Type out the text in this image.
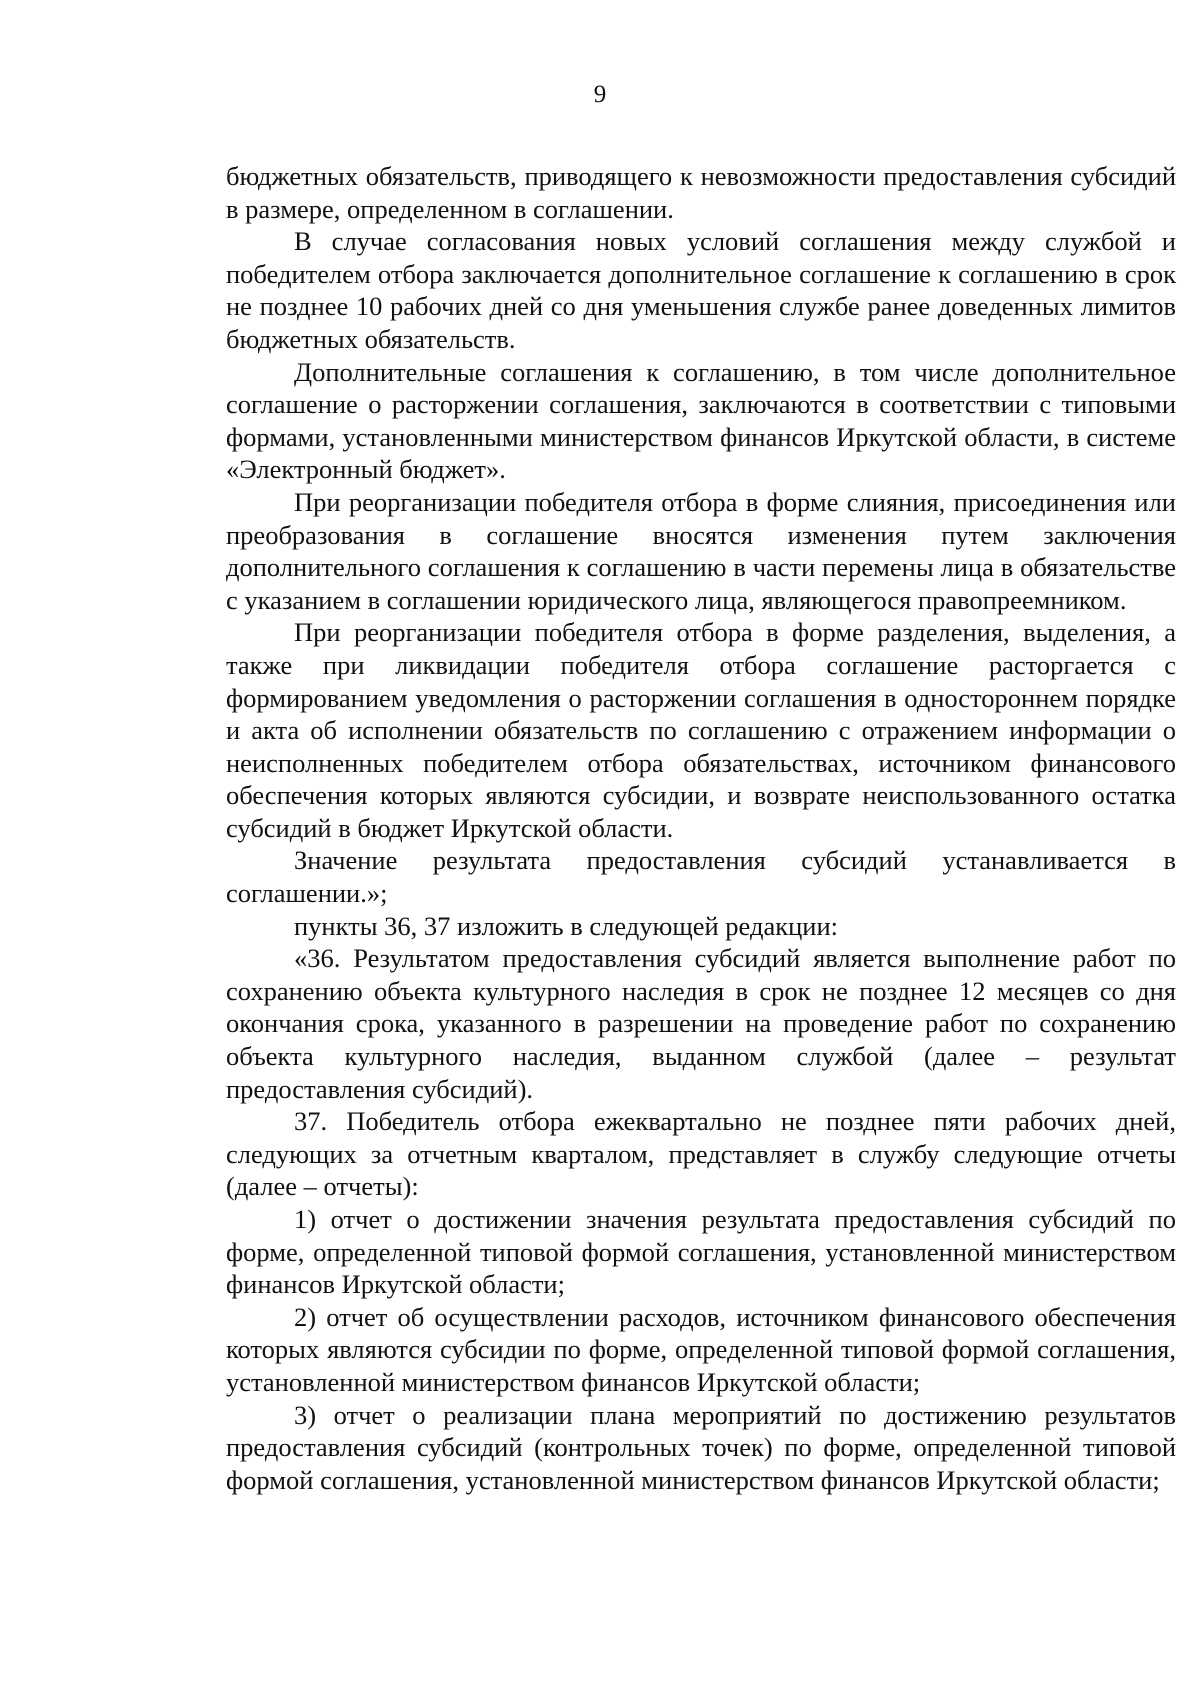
9

бюджетных обязательств, приводящего к невозможности предоставления субсидий в размере, определенном в соглашении.

В случае согласования новых условий соглашения между службой и победителем отбора заключается дополнительное соглашение к соглашению в срок не позднее 10 рабочих дней со дня уменьшения службе ранее доведенных лимитов бюджетных обязательств.

Дополнительные соглашения к соглашению, в том числе дополнительное соглашение о расторжении соглашения, заключаются в соответствии с типовыми формами, установленными министерством финансов Иркутской области, в системе «Электронный бюджет».

При реорганизации победителя отбора в форме слияния, присоединения или преобразования в соглашение вносятся изменения путем заключения дополнительного соглашения к соглашению в части перемены лица в обязательстве с указанием в соглашении юридического лица, являющегося правопреемником.

При реорганизации победителя отбора в форме разделения, выделения, а также при ликвидации победителя отбора соглашение расторгается с формированием уведомления о расторжении соглашения в одностороннем порядке и акта об исполнении обязательств по соглашению с отражением информации о неисполненных победителем отбора обязательствах, источником финансового обеспечения которых являются субсидии, и возврате неиспользованного остатка субсидий в бюджет Иркутской области.

Значение результата предоставления субсидий устанавливается в соглашении.»;

пункты 36, 37 изложить в следующей редакции:

«36. Результатом предоставления субсидий является выполнение работ по сохранению объекта культурного наследия в срок не позднее 12 месяцев со дня окончания срока, указанного в разрешении на проведение работ по сохранению объекта культурного наследия, выданном службой (далее – результат предоставления субсидий).

37. Победитель отбора ежеквартально не позднее пяти рабочих дней, следующих за отчетным кварталом, представляет в службу следующие отчеты (далее – отчеты):

1) отчет о достижении значения результата предоставления субсидий по форме, определенной типовой формой соглашения, установленной министерством финансов Иркутской области;

2) отчет об осуществлении расходов, источником финансового обеспечения которых являются субсидии по форме, определенной типовой формой соглашения, установленной министерством финансов Иркутской области;

3) отчет о реализации плана мероприятий по достижению результатов предоставления субсидий (контрольных точек) по форме, определенной типовой формой соглашения, установленной министерством финансов Иркутской области;
